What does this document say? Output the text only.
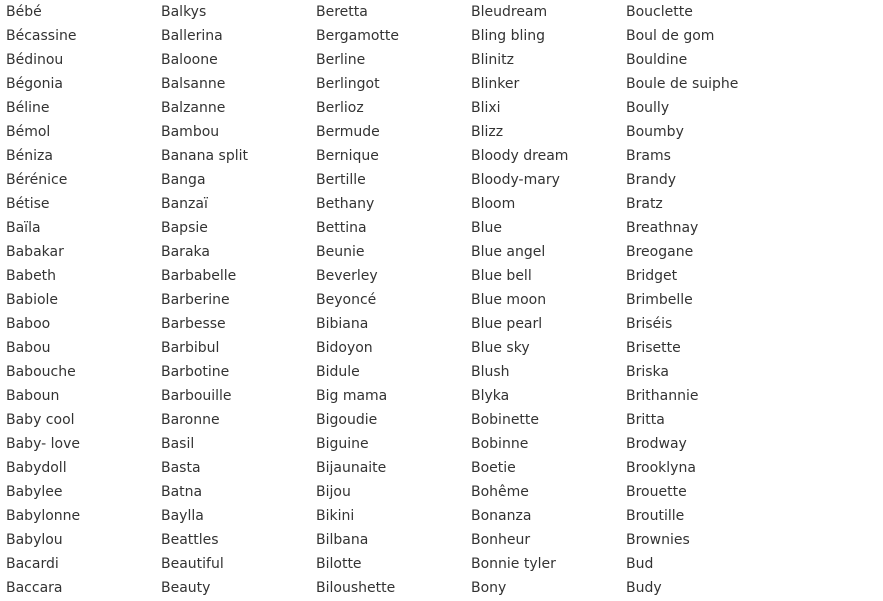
Bébé
Bécassine
Bédinou
Bégonia
Béline
Bémol
Béniza
Bérénice
Bétise
Baïla
Babakar
Babeth
Babiole
Baboo
Babou
Babouche
Baboun
Baby cool
Baby- love
Babydoll
Babylee
Babylonne
Babylou
Bacardi
Baccara
Balkys
Ballerina
Baloone
Balsanne
Balzanne
Bambou
Banana split
Banga
Banzaï
Bapsie
Baraka
Barbabelle
Barberine
Barbesse
Barbibul
Barbotine
Barbouille
Baronne
Basil
Basta
Batna
Baylla
Beattles
Beautiful
Beauty
Beretta
Bergamotte
Berline
Berlingot
Berlioz
Bermude
Bernique
Bertille
Bethany
Bettina
Beunie
Beverley
Beyoncé
Bibiana
Bidoyon
Bidule
Big mama
Bigoudie
Biguine
Bijaunaite
Bijou
Bikini
Bilbana
Bilotte
Biloushette
Bleudream
Bling bling
Blinitz
Blinker
Blixi
Blizz
Bloody dream
Bloody-mary
Bloom
Blue
Blue angel
Blue bell
Blue moon
Blue pearl
Blue sky
Blush
Blyka
Bobinette
Bobinne
Boetie
Bohême
Bonanza
Bonheur
Bonnie tyler
Bony
Bouclette
Boul de gom
Bouldine
Boule de suiphe
Boully
Boumby
Brams
Brandy
Bratz
Breathnay
Breogane
Bridget
Brimbelle
Briséis
Brisette
Briska
Brithannie
Britta
Brodway
Brooklyna
Brouette
Broutille
Brownies
Bud
Budy
